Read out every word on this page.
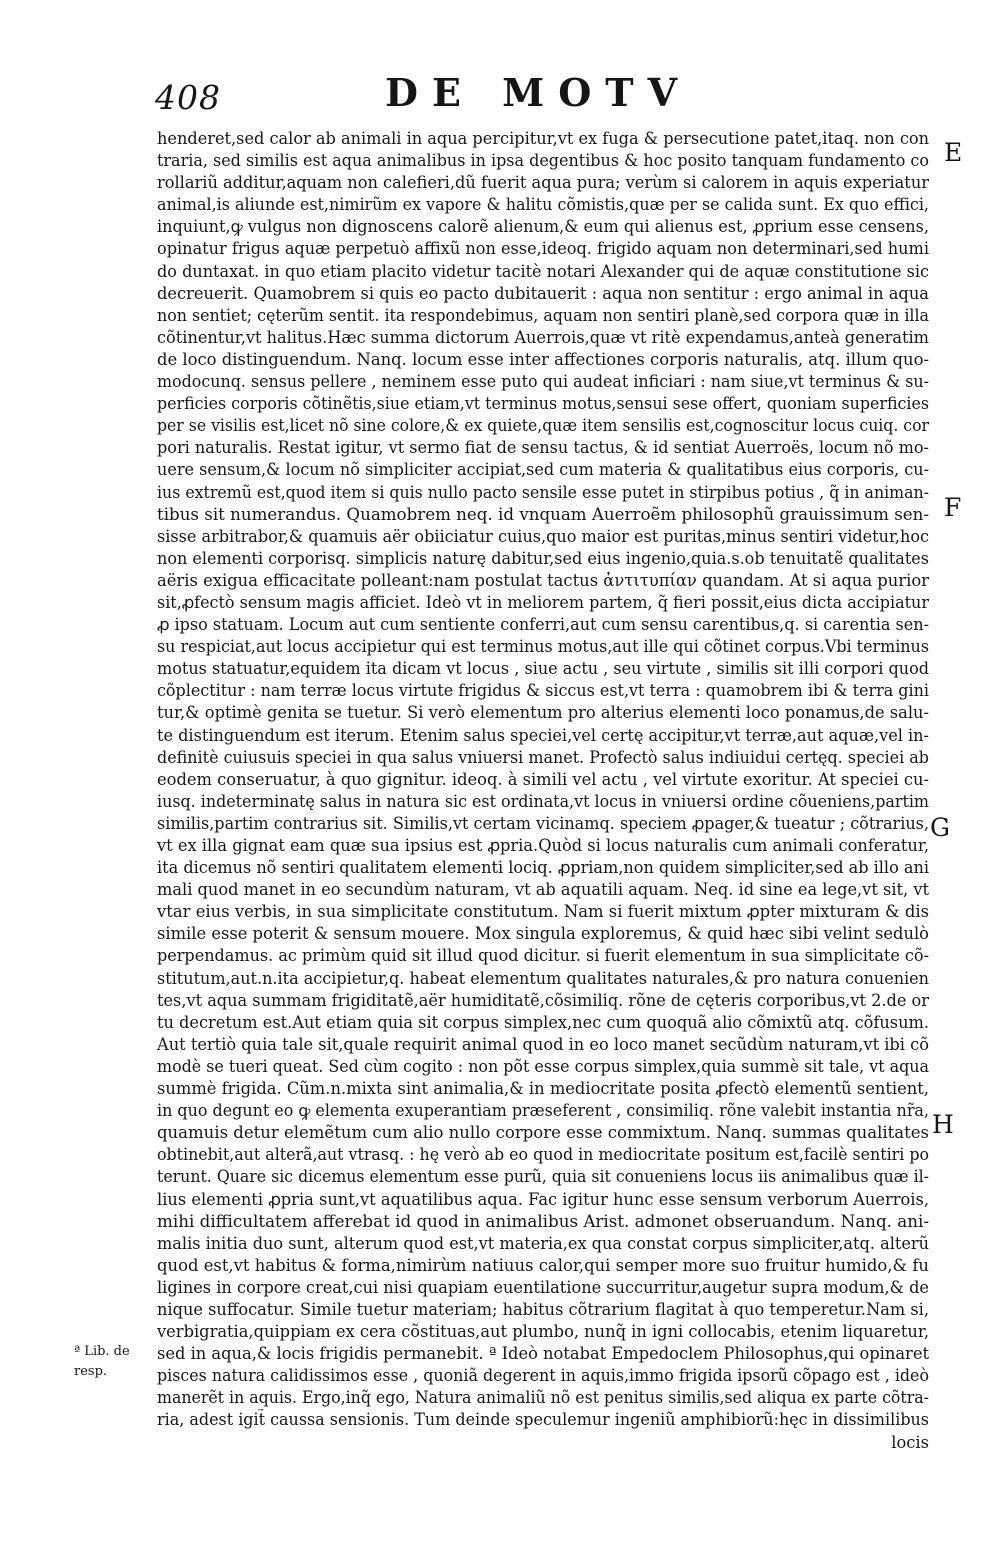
408	DE MOTV
E
F
G
H
ª Lib. de
resp.
henderet,sed calor ab animali in aqua percipitur,vt ex fuga & persecutione patet,itaq. non con
traria, sed similis est aqua animalibus in ipsa degentibus & hoc posito tanquam fundamento co
rollariũ additur,aquam non calefieri,dũ fuerit aqua pura; verùm si calorem in aquis experiatur
animal,is aliunde est,nimirũm ex vapore & halitu cõmistis,quæ per se calida sunt. Ex quo effici,
inquiunt,ꝙ vulgus non dignoscens calorẽ alienum,& eum qui alienus est, ꝓprium esse censens,
opinatur frigus aquæ perpetuò affixũ non esse,ideoq. frigido aquam non determinari,sed humi
do duntaxat. in quo etiam placito videtur tacitè notari Alexander qui de aquæ constitutione sic
decreuerit. Quamobrem si quis eo pacto dubitauerit : aqua non sentitur : ergo animal in aqua
non sentiet; cęterũm sentit. ita respondebimus, aquam non sentiri planè,sed corpora quæ in illa
cõtinentur,vt halitus.Hæc summa dictorum Auerrois,quæ vt ritè expendamus,anteà generatim
de loco distinguendum. Nanq. locum esse inter affectiones corporis naturalis, atq. illum quo-
modocunq. sensus pellere , neminem esse puto qui audeat inficiari : nam siue,vt terminus & su-
perficies corporis cõtinẽtis,siue etiam,vt terminus motus,sensui sese offert, quoniam superficies
per se visilis est,licet nõ sine colore,& ex quiete,quæ item sensilis est,cognoscitur locus cuiq. cor
pori naturalis. Restat igitur, vt sermo fiat de sensu tactus, & id sentiat Auerroës, locum nõ mo-
uere sensum,& locum nõ simpliciter accipiat,sed cum materia & qualitatibus eius corporis, cu-
ius extremũ est,quod item si quis nullo pacto sensile esse putet in stirpibus potius , q̃ in animan-
tibus sit numerandus. Quamobrem neq. id vnquam Auerroẽm philosophũ grauissimum sen-
sisse arbitrabor,& quamuis aër obiiciatur cuius,quo maior est puritas,minus sentiri videtur,hoc
non elementi corporisq. simplicis naturę dabitur,sed eius ingenio,quia.s.ob tenuitatẽ qualitates
aëris exigua efficacitate polleant:nam postulat tactus ἀντιτυπίαν quandam. At si aqua purior
sit,ꝓfectò sensum magis afficiet. Ideò vt in meliorem partem, q̃ fieri possit,eius dicta accipiatur
ꝓ ipso statuam. Locum aut cum sentiente conferri,aut cum sensu carentibus,q. si carentia sen-
su respiciat,aut locus accipietur qui est terminus motus,aut ille qui cõtinet corpus.Vbi terminus
motus statuatur,equidem ita dicam vt locus , siue actu , seu virtute , similis sit illi corpori quod
cõplectitur : nam terræ locus virtute frigidus & siccus est,vt terra : quamobrem ibi & terra gini
tur,& optimè genita se tuetur. Si verò elementum pro alterius elementi loco ponamus,de salu-
te distinguendum est iterum. Etenim salus speciei,vel certę accipitur,vt terræ,aut aquæ,vel in-
definitè cuiusuis speciei in qua salus vniuersi manet. Profectò salus indiuidui certęq. speciei ab
eodem conseruatur, à quo gignitur. ideoq. à simili vel actu , vel virtute exoritur. At speciei cu-
iusq. indeterminatę salus in natura sic est ordinata,vt locus in vniuersi ordine cõueniens,partim
similis,partim contrarius sit. Similis,vt certam vicinamq. speciem ꝓpager,& tueatur ; cõtrarius,
vt ex illa gignat eam quæ sua ipsius est ꝓpria.Quòd si locus naturalis cum animali conferatur,
ita dicemus nõ sentiri qualitatem elementi lociq. ꝓpriam,non quidem simpliciter,sed ab illo ani
mali quod manet in eo secundùm naturam, vt ab aquatili aquam. Neq. id sine ea lege,vt sit, vt
vtar eius verbis, in sua simplicitate constitutum. Nam si fuerit mixtum ꝓpter mixturam & dis
simile esse poterit & sensum mouere. Mox singula exploremus, & quid hæc sibi velint sedulò
perpendamus. ac primùm quid sit illud quod dicitur. si fuerit elementum in sua simplicitate cõ-
stitutum,aut.n.ita accipietur,q. habeat elementum qualitates naturales,& pro natura conuenien
tes,vt aqua summam frigiditatẽ,aër humiditatẽ,cõsimiliq. rõne de cęteris corporibus,vt 2.de or
tu decretum est.Aut etiam quia sit corpus simplex,nec cum quoquã alio cõmixtũ atq. cõfusum.
Aut tertiò quia tale sit,quale requirit animal quod in eo loco manet secũdùm naturam,vt ibi cõ
modè se tueri queat. Sed cùm cogito : non põt esse corpus simplex,quia summè sit tale, vt aqua
summè frigida. Cũm.n.mixta sint animalia,& in mediocritate posita ꝓfectò elementũ sentient,
in quo degunt eo ꝙ elementa exuperantiam præseferent , consimiliq. rõne valebit instantia nr̃a,
quamuis detur elemẽtum cum alio nullo corpore esse commixtum. Nanq. summas qualitates
obtinebit,aut alterã,aut vtrasq. : hę verò ab eo quod in mediocritate positum est,facilè sentiri po
terunt. Quare sic dicemus elementum esse purũ, quia sit conueniens locus iis animalibus quæ il-
lius elementi ꝓpria sunt,vt aquatilibus aqua. Fac igitur hunc esse sensum verborum Auerrois,
mihi difficultatem afferebat id quod in animalibus Arist. admonet obseruandum. Nanq. ani-
malis initia duo sunt, alterum quod est,vt materia,ex qua constat corpus simpliciter,atq. alterũ
quod est,vt habitus & forma,nimirùm natiuus calor,qui semper more suo fruitur humido,& fu
ligines in corpore creat,cui nisi quapiam euentilatione succurritur,augetur supra modum,& de
nique suffocatur. Simile tuetur materiam; habitus cõtrarium flagitat à quo temperetur.Nam si,
verbigratia,quippiam ex cera cõstituas,aut plumbo, nunq̃ in igni collocabis, etenim liquaretur,
sed in aqua,& locis frigidis permanebit. ª Ideò notabat Empedoclem Philosophus,qui opinaret
pisces natura calidissimos esse , quoniã degerent in aquis,immo frigida ipsorũ cõpago est , ideò
manerẽt in aquis. Ergo,inq̃ ego, Natura animaliũ nõ est penitus similis,sed aliqua ex parte cõtra-
ria, adest igit̃ caussa sensionis. Tum deinde speculemur ingeniũ amphibiorũ:hęc in dissimilibus
locis
